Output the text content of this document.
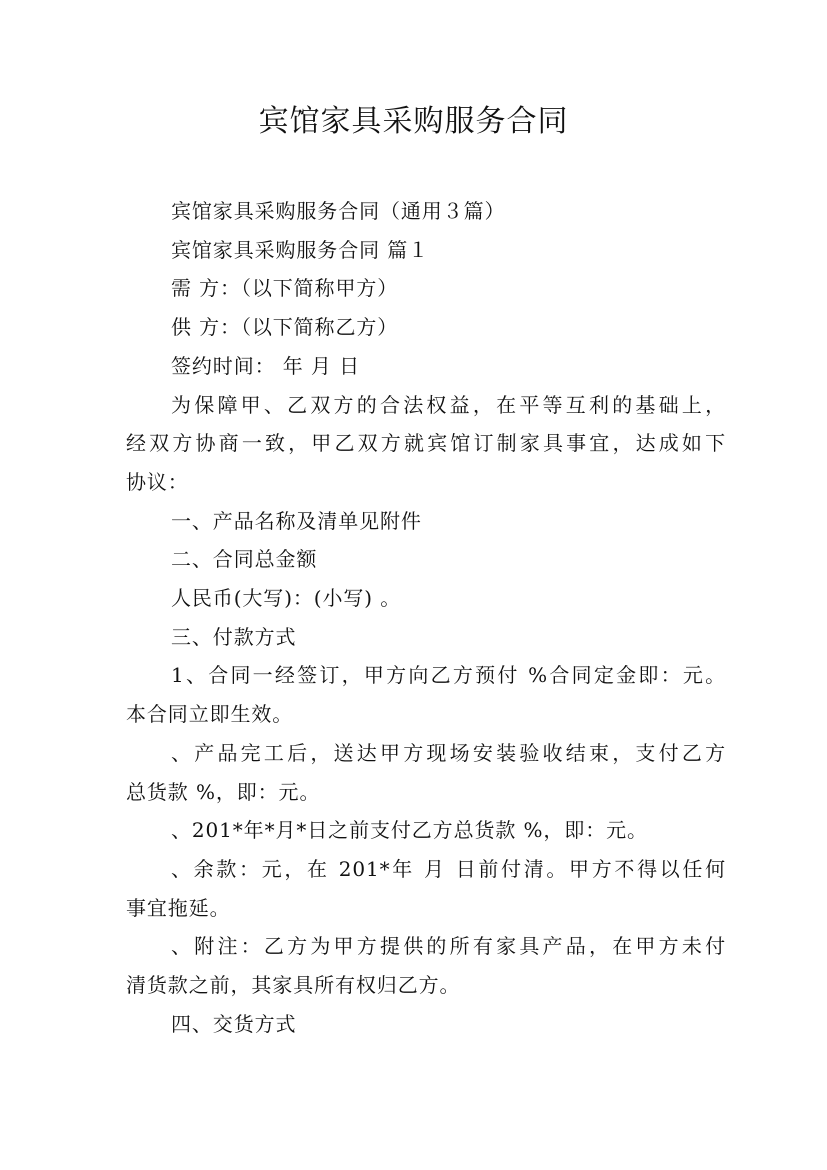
宾馆家具采购服务合同

宾馆家具采购服务合同（通用３篇）

宾馆家具采购服务合同 篇１

需 方：（以下简称甲方）

供 方：（以下简称乙方）

签约时间： 年 月 日

为保障甲、乙双方的合法权益，在平等互利的基础上，

经双方协商一致，甲乙双方就宾馆订制家具事宜，达成如下

协议：

一、产品名称及清单见附件

二、合同总金额

人民币(大写)：(小写) 。

三、付款方式

1、合同一经签订，甲方向乙方预付 %合同定金即：元。

本合同立即生效。

、产品完工后，送达甲方现场安装验收结束，支付乙方

总货款 %，即：元。

、201*年*月*日之前支付乙方总货款 %，即：元。

、余款：元，在 201*年 月 日前付清。甲方不得以任何

事宜拖延。

、附注：乙方为甲方提供的所有家具产品，在甲方未付

清货款之前，其家具所有权归乙方。

四、交货方式
